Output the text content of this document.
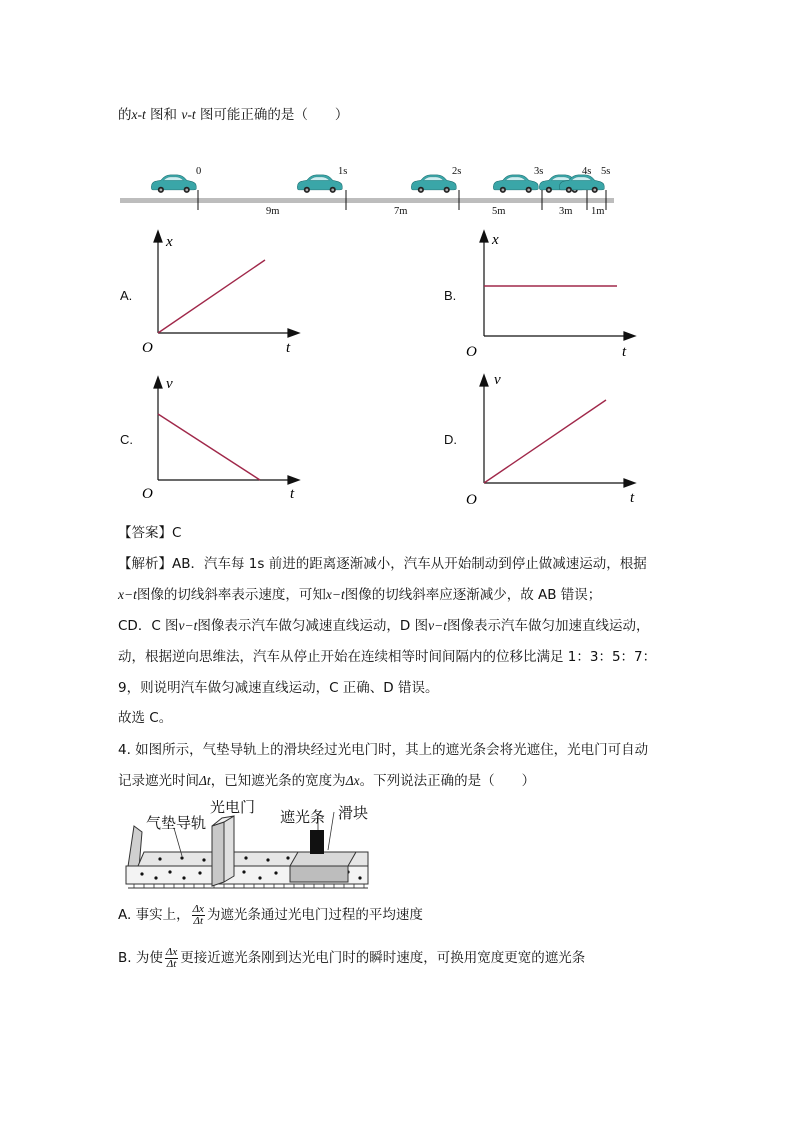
的x-t 图和 v-t 图可能正确的是（　　）
0	1s	2s	3s	4s 5s
9m	7m	5m	3m 1m
A.
x
t
O
B.
x
t
O
C.
v
t
O
D.
v
t
O
【答案】C
【解析】AB．汽车每 1s 前进的距离逐渐减小，汽车从开始制动到停止做减速运动，根据
x−t图像的切线斜率表示速度，可知x−t图像的切线斜率应逐渐减少，故 AB 错误；
CD．C 图v−t图像表示汽车做匀减速直线运动，D 图v−t图像表示汽车做匀加速直线运动，
动，根据逆向思维法，汽车从停止开始在连续相等时间间隔内的位移比满足 1：3：5：7：
9，则说明汽车做匀减速直线运动，C 正确、D 错误。
故选 C。
4. 如图所示，气垫导轨上的滑块经过光电门时，其上的遮光条会将光遮住，光电门可自动
记录遮光时间Δt，已知遮光条的宽度为Δx。下列说法正确的是（　　）
气垫导轨
光电门
遮光条 滑块
A. 事实上， $\frac{\Delta x}{\Delta t}$ 为遮光条通过光电门过程的平均速度
B. 为使 $\frac{\Delta x}{\Delta t}$ 更接近遮光条刚到达光电门时的瞬时速度，可换用宽度更宽的遮光条
